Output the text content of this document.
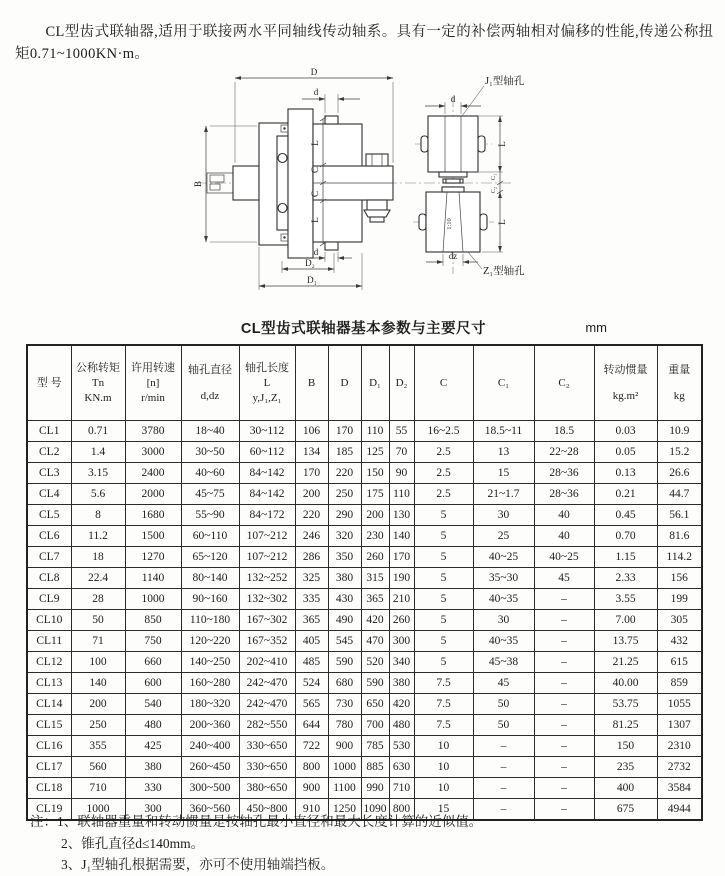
CL型齿式联轴器,适用于联接两水平同轴线传动轴系。具有一定的补偿两轴相对偏移的性能,传递公称扭矩0.71~1000KN·m。

D
d
B
L
C
C
L
d
D₂
D₁
d
J₁型轴孔
L
C₁
C₂
1:10
dz
Z₁型轴孔
L
CL型齿式联轴器基本参数与主要尺寸	mm
型 号	公称转矩
Tn
KN.m	许用转速
[n]
r/min	轴孔直径
d,dz	轴孔长度
L
y,J₁,Z₁	B	D	D₁	D₂	C	C₁	C₂	转动惯量
kg.m²	重量
kg

CL1	0.71	3780	18~40	30~112	106	170	110	55	16~2.5	18.5~11	18.5	0.03	10.9
CL2	1.4	3000	30~50	60~112	134	185	125	70	2.5	13	22~28	0.05	15.2
CL3	3.15	2400	40~60	84~142	170	220	150	90	2.5	15	28~36	0.13	26.6
CL4	5.6	2000	45~75	84~142	200	250	175	110	2.5	21~1.7	28~36	0.21	44.7
CL5	8	1680	55~90	84~172	220	290	200	130	5	30	40	0.45	56.1
CL6	11.2	1500	60~110	107~212	246	320	230	140	5	25	40	0.70	81.6
CL7	18	1270	65~120	107~212	286	350	260	170	5	40~25	40~25	1.15	114.2
CL8	22.4	1140	80~140	132~252	325	380	315	190	5	35~30	45	2.33	156
CL9	28	1000	90~160	132~302	335	430	365	210	5	40~35	–	3.55	199
CL10	50	850	110~180	167~302	365	490	420	260	5	30	–	7.00	305
CL11	71	750	120~220	167~352	405	545	470	300	5	40~35	–	13.75	432
CL12	100	660	140~250	202~410	485	590	520	340	5	45~38	–	21.25	615
CL13	140	600	160~280	242~470	524	680	590	380	7.5	45	–	40.00	859
CL14	200	540	180~320	242~470	565	730	650	420	7.5	50	–	53.75	1055
CL15	250	480	200~360	282~550	644	780	700	480	7.5	50	–	81.25	1307
CL16	355	425	240~400	330~650	722	900	785	530	10	–	–	150	2310
CL17	560	380	260~450	330~650	800	1000	885	630	10	–	–	235	2732
CL18	710	330	300~500	380~650	900	1100	990	710	10	–	–	400	3584
CL19	1000	300	360~560	450~800	910	1250	1090	800	15	–	–	675	4944

注：1、联轴器重量和转动惯量是按轴孔最小直径和最大长度计算的近似值。

2、锥孔直径d≤140mm。

3、J₁型轴孔根据需要，亦可不使用轴端挡板。
